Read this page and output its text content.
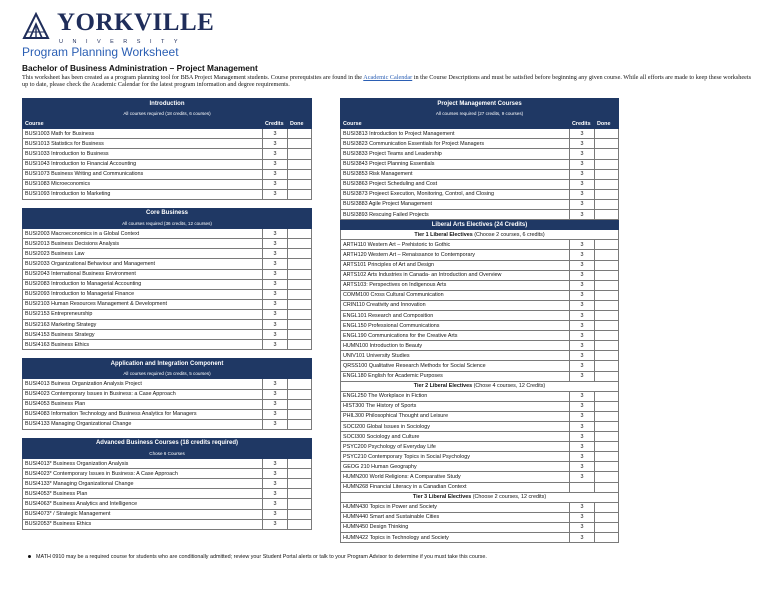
YORKVILLE
UNIVERSITY
Program Planning Worksheet
Bachelor of Business Administration – Project Management
This worksheet has been created as a program planning tool for BBA Project Management students. Course prerequisites are found in the Academic Calendar in the Course Descriptions and must be satisfied before beginning any given course. While all efforts are made to keep these worksheets up to date, please check the Academic Calendar for the latest program information and degree requirements.
Introduction		
All courses required (18 credits, 6 courses)		
Course	Credits	Done
BUSI1003 Math for Business	3	
BUSI1013 Statistics for Business	3	
BUSI1033 Introduction to Business	3	
BUSI1043 Introduction to Financial Accounting	3	
BUSI1073 Business Writing and Communications	3	
BUSI1083 Microeconomics	3	
BUSI1093 Introduction to Marketing	3	

Core Business		
All courses required (36 credits, 12 courses)		
BUSI2003 Macroeconomics in a Global Context	3	
BUSI2013 Business Decisions Analysis	3	
BUSI2023 Business Law	3	
BUSI2033 Organizational Behaviour and Management	3	
BUSI2043 International Business Environment	3	
BUSI2083 Introduction to Managerial Accounting	3	
BUSI2093 Introduction to Managerial Finance	3	
BUSI2103 Human Resources Management & Development	3	
BUSI2153 Entrepreneurship	3	
BUSI2163 Marketing Strategy	3	
BUSI4153 Business Strategy	3	
BUSI4163 Business Ethics	3	

Application and Integration Component		
All courses required (15 credits, 5 courses)		
BUSI4013 Buiness Organization Analysis Project	3	
BUSI4023 Contemporary Issues in Business: a Case Approach	3	
BUSI4053 Business Plan	3	
BUSI4083 Information Technology and Business Analytics for Managers	3	
BUSI4133 Managing Organizational Change	3	

Advanced Business Courses (18 credits required)		
Chose 6 Courses		
BUSI4013* Business Organization Analysis	3	
BUSI4023* Contemporary Issues in Business: A Case Approach	3	
BUSI4133* Managing Organizational Change	3	
BUSI4053* Business Plan	3	
BUSI4063* Business Analytics and Intelligence	3	
BUSI4073* / Strategic Management	3	
BUSI2053* Business Ethics	3	
Project Management Courses		
All courses required (27 credits, 9 courses)		
Course	Credits	Done
BUSI3813 Introduction to Project Management	3	
BUSI3823 Communication Essentials for Project Managers	3	
BUSI3833 Project Teams and Leadership	3	
BUSI3843 Project Planning Essentials	3	
BUSI3853 Risk Management	3	
BUSI3863 Project Scheduling and Cost	3	
BUSI3873 Projeect Execution, Monitoring, Control, and Closing	3	
BUSI3883 Agile Project Management	3	
BUSI3893 Rescuing Failed Projects	3	
Liberal Arts Electives (24 Credits)		
Tier 1 Liberal Electives (Choose 2 courses, 6 credits)		
ARTH110 Western Art – Prehistoric to Gothic	3	
ARTH120 Western Art – Renaissance to Contemporary	3	
ARTS101 Principles of Art and Design	3	
ARTS102 Arts Industries in Canada- an Introduction and Overview	3	
ARTS103: Perspectives on Indigenous Arts	3	
COMM100 Cross Cultural Communication	3	
CRIN110 Creativity and Innovation	3	
ENGL101 Research and Composition	3	
ENGL150 Professional Communications	3	
ENGL190 Communications for the Creative Arts	3	
HUMN100 Introduction to Beauty	3	
UNIV101 University Studies	3	
QRSS100 Qualitative Research Methods for Social Science	3	
ENGL180 English for Academic Purposes	3	
Tier 2 Liberal Electives (Chose 4 courses, 12 Credits)		
ENGL250 The Workplace in Fiction	3	
HIST300 The History of Sports	3	
PHIL300 Philosophical Thought and Leisure	3	
SOCI200 Global Issues in Sociology	3	
SOCI300 Sociology and Culture	3	
PSYC200 Psychology of Everyday Life	3	
PSYC210 Contemporary Topics in Social Psychology	3	
GEOG 210 Human Geography	3	
HUMN200 World Religions: A Comparative Study	3	
HUMN268 Financial Literacy in a Canadian Context		
Tier 3 Liberal Electives (Choose 2 courses, 12 credits)		
HUMN430 Topics in Power and Society	3	
HUMN440 Smart and Sustainable Cities	3	
HUMN450 Design Thinking	3	
HUMN422 Topics in Technology and Society	3	
MATH 0910 may be a required course for students who are conditionally admitted; review your Student Portal alerts or talk to your Program Advisor to determine if you must take this course.
